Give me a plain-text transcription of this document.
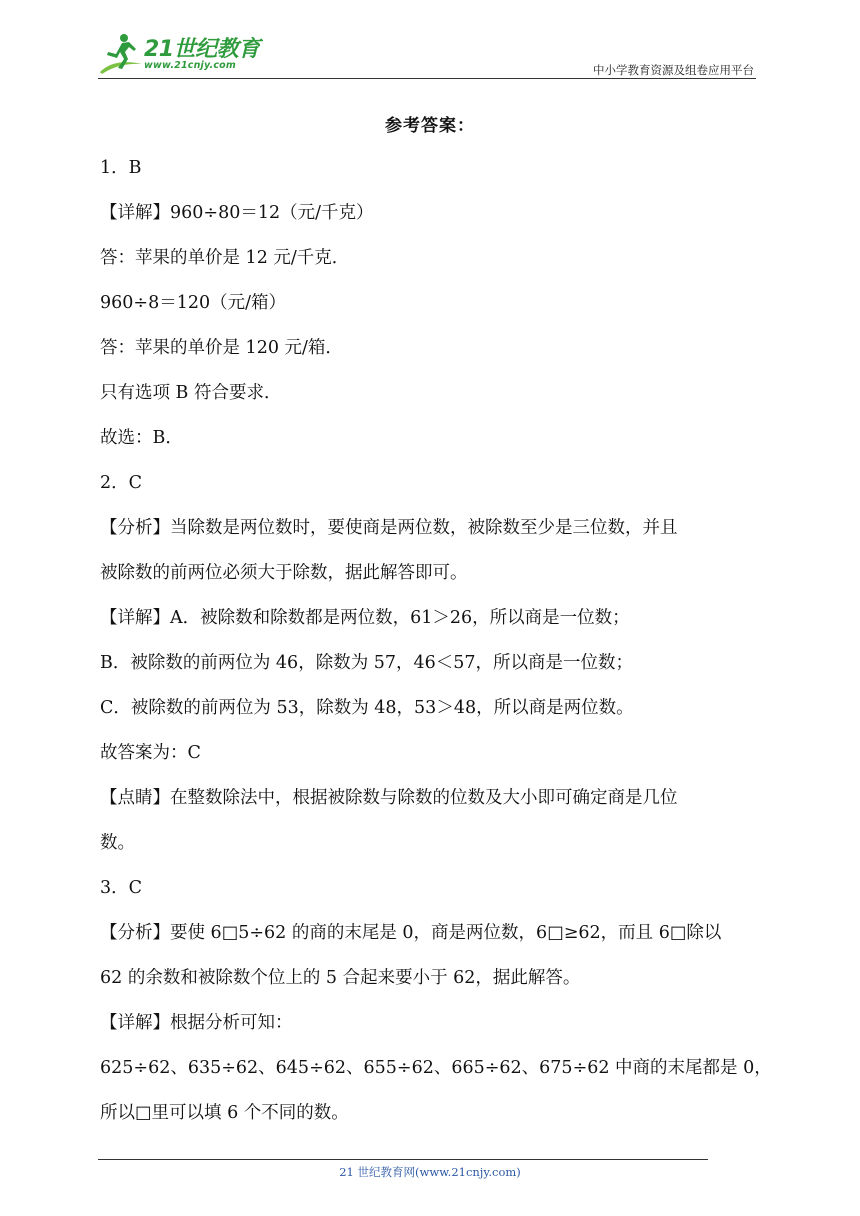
21世纪教育
www.21cnjy.com	中小学教育资源及组卷应用平台
参考答案：
1．B
【详解】960÷80＝12（元/千克）
答：苹果的单价是 12 元/千克．
960÷8＝120（元/箱）
答：苹果的单价是 120 元/箱．
只有选项 B 符合要求．
故选：B．
2．C
【分析】当除数是两位数时，要使商是两位数，被除数至少是三位数，并且
被除数的前两位必须大于除数，据此解答即可。
【详解】A．被除数和除数都是两位数，61＞26，所以商是一位数；
B．被除数的前两位为 46，除数为 57，46＜57，所以商是一位数；
C．被除数的前两位为 53，除数为 48，53＞48，所以商是两位数。
故答案为：C
【点睛】在整数除法中，根据被除数与除数的位数及大小即可确定商是几位
数。
3．C
【分析】要使 6□5÷62 的商的末尾是 0，商是两位数，6□≥62，而且 6□除以
62 的余数和被除数个位上的 5 合起来要小于 62，据此解答。
【详解】根据分析可知：
625÷62、635÷62、645÷62、655÷62、665÷62、675÷62 中商的末尾都是 0，
所以□里可以填 6 个不同的数。
21 世纪教育网(www.21cnjy.com)
